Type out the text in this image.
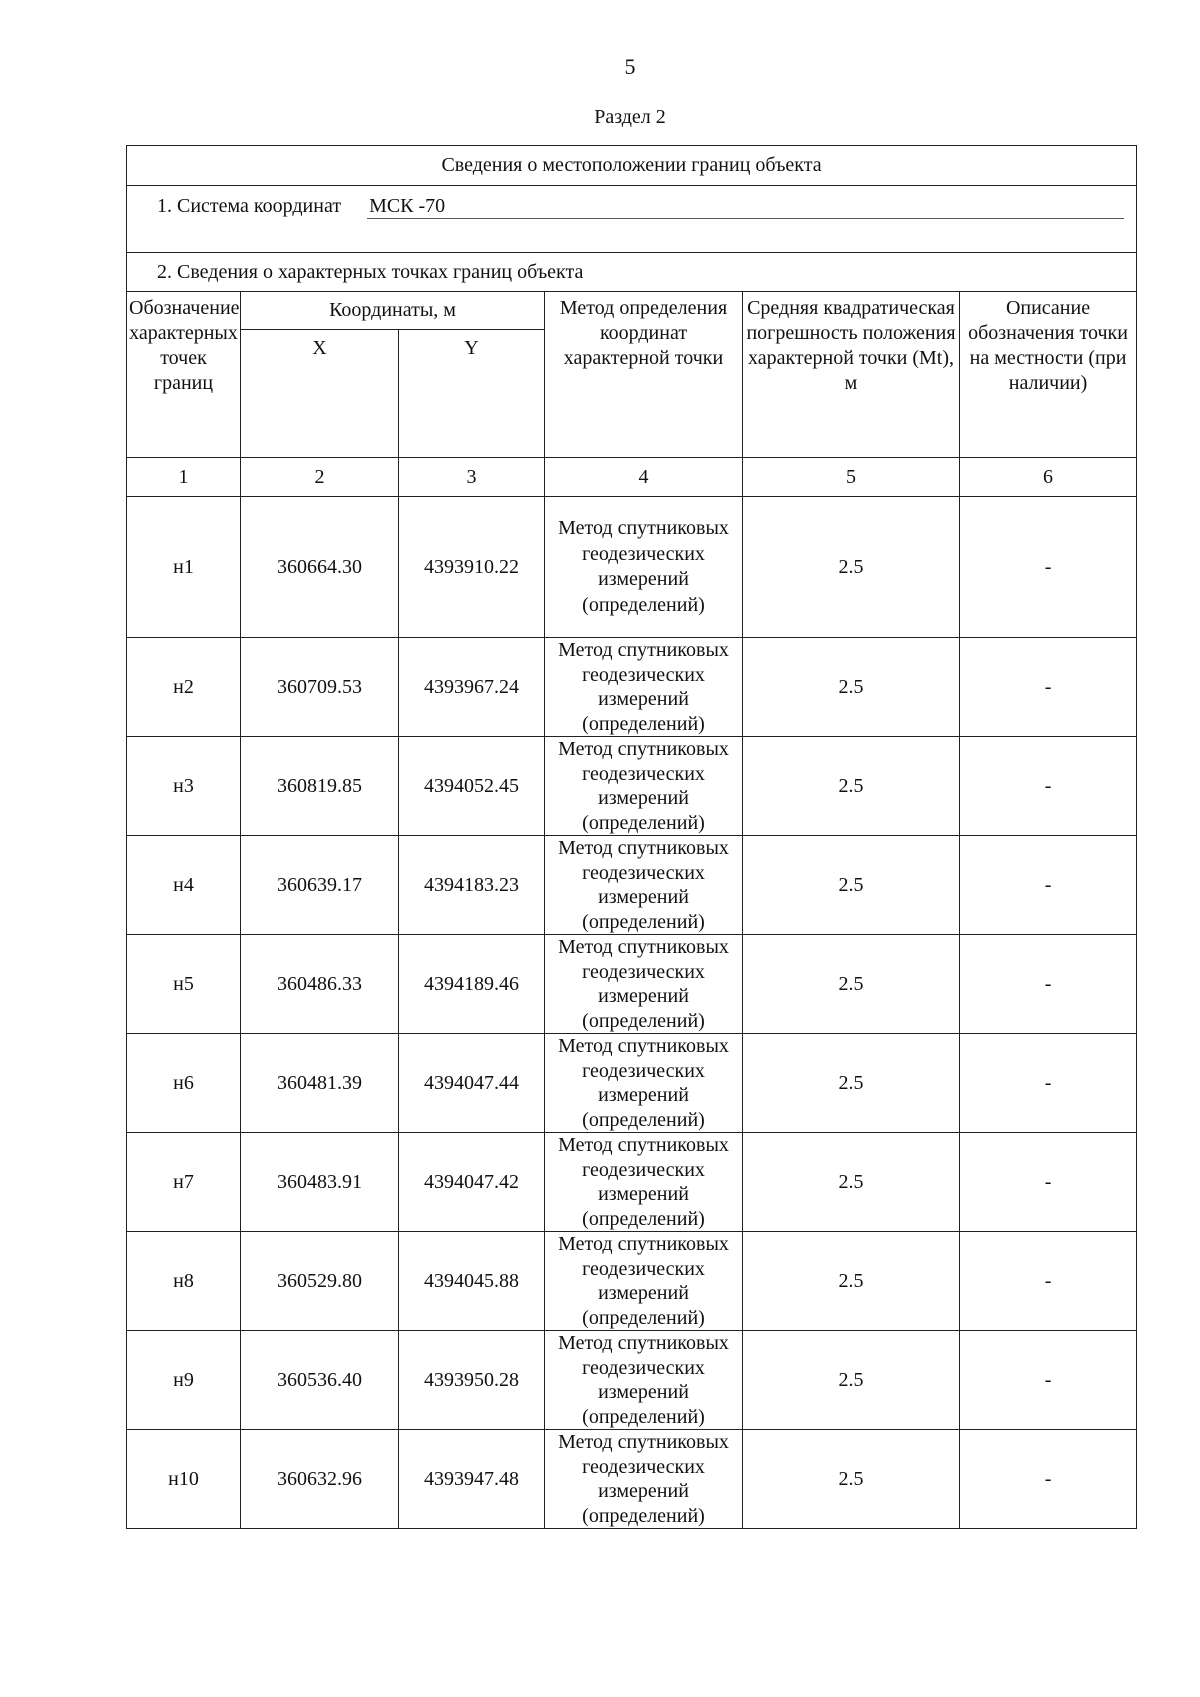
5
Раздел 2
Сведения о местоположении границ объекта					

1. Система координат МСК -70					

2. Сведения о характерных точках границ объекта					
Обозначение характерных точек границ	Координаты, м		Метод определения координат характерной точки	Средняя квадратическая погрешность положения характерной точки (Mt), м	Описание обозначения точки на местности (при наличии)
	X	Y			
1	2	3	4	5	6
н1	360664.30	4393910.22	Метод спутниковых геодезических измерений (определений)	2.5	-
н2	360709.53	4393967.24	Метод спутниковых геодезических измерений (определений)	2.5	-
н3	360819.85	4394052.45	Метод спутниковых геодезических измерений (определений)	2.5	-
н4	360639.17	4394183.23	Метод спутниковых геодезических измерений (определений)	2.5	-
н5	360486.33	4394189.46	Метод спутниковых геодезических измерений (определений)	2.5	-
н6	360481.39	4394047.44	Метод спутниковых геодезических измерений (определений)	2.5	-
н7	360483.91	4394047.42	Метод спутниковых геодезических измерений (определений)	2.5	-
н8	360529.80	4394045.88	Метод спутниковых геодезических измерений (определений)	2.5	-
н9	360536.40	4393950.28	Метод спутниковых геодезических измерений (определений)	2.5	-
н10	360632.96	4393947.48	Метод спутниковых геодезических измерений (определений)	2.5	-
